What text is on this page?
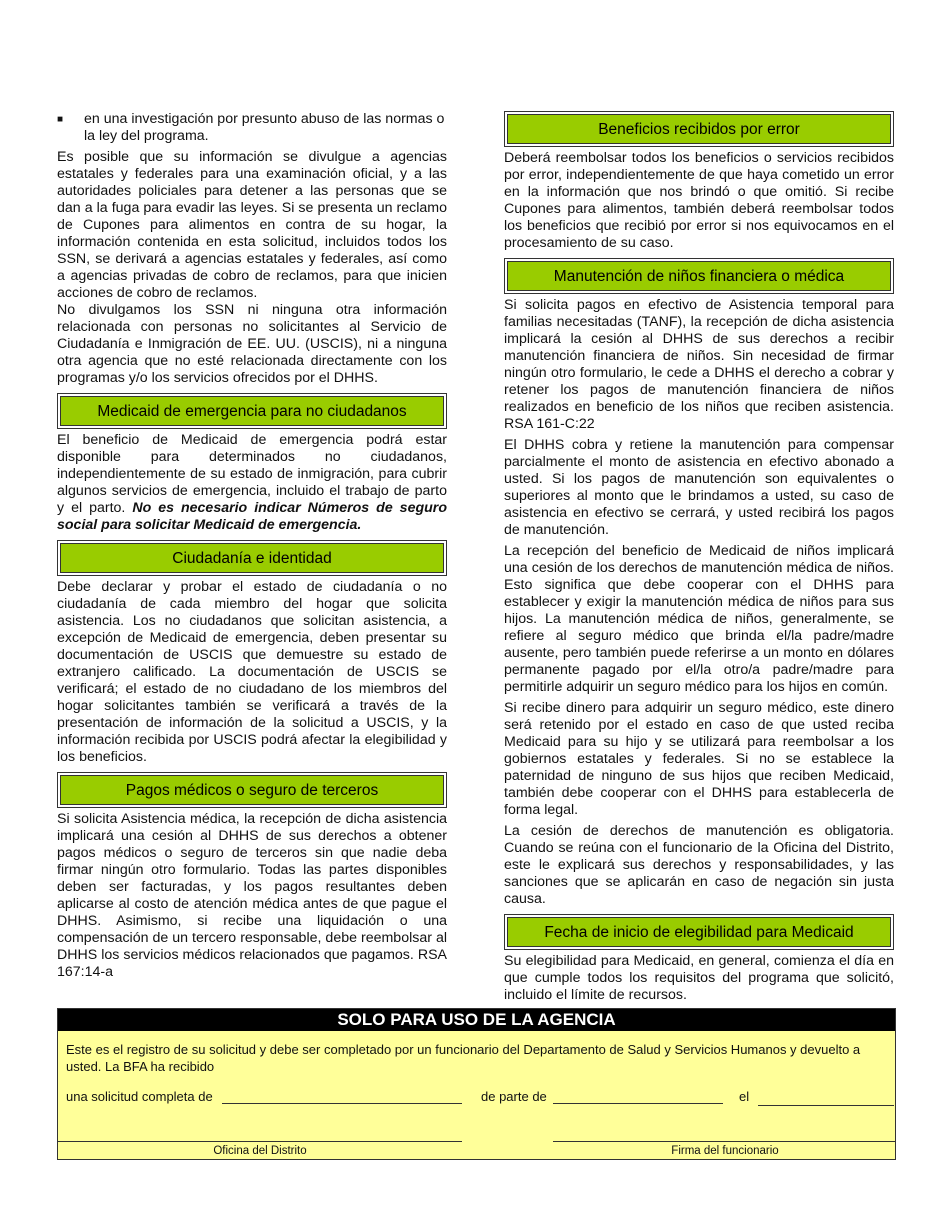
■	en una investigación por presunto abuso de las normas o la ley del programa.

Es posible que su información se divulgue a agencias estatales y federales para una examinación oficial, y a las autoridades policiales para detener a las personas que se dan a la fuga para evadir las leyes. Si se presenta un reclamo de Cupones para alimentos en contra de su hogar, la información contenida en esta solicitud, incluidos todos los SSN, se derivará a agencias estatales y federales, así como a agencias privadas de cobro de reclamos, para que inicien acciones de cobro de reclamos.

No divulgamos los SSN ni ninguna otra información relacionada con personas no solicitantes al Servicio de Ciudadanía e Inmigración de EE. UU. (USCIS), ni a ninguna otra agencia que no esté relacionada directamente con los programas y/o los servicios ofrecidos por el DHHS.

Medicaid de emergencia para no ciudadanos

El beneficio de Medicaid de emergencia podrá estar disponible para determinados no ciudadanos, independientemente de su estado de inmigración, para cubrir algunos servicios de emergencia, incluido el trabajo de parto y el parto. No es necesario indicar Números de seguro social para solicitar Medicaid de emergencia.

Ciudadanía e identidad

Debe declarar y probar el estado de ciudadanía o no ciudadanía de cada miembro del hogar que solicita asistencia. Los no ciudadanos que solicitan asistencia, a excepción de Medicaid de emergencia, deben presentar su documentación de USCIS que demuestre su estado de extranjero calificado. La documentación de USCIS se verificará; el estado de no ciudadano de los miembros del hogar solicitantes también se verificará a través de la presentación de información de la solicitud a USCIS, y la información recibida por USCIS podrá afectar la elegibilidad y los beneficios.

Pagos médicos o seguro de terceros

Si solicita Asistencia médica, la recepción de dicha asistencia implicará una cesión al DHHS de sus derechos a obtener pagos médicos o seguro de terceros sin que nadie deba firmar ningún otro formulario. Todas las partes disponibles deben ser facturadas, y los pagos resultantes deben aplicarse al costo de atención médica antes de que pague el DHHS. Asimismo, si recibe una liquidación o una compensación de un tercero responsable, debe reembolsar al DHHS los servicios médicos relacionados que pagamos. RSA 167:14-a

Beneficios recibidos por error

Deberá reembolsar todos los beneficios o servicios recibidos por error, independientemente de que haya cometido un error en la información que nos brindó o que omitió. Si recibe Cupones para alimentos, también deberá reembolsar todos los beneficios que recibió por error si nos equivocamos en el procesamiento de su caso.

Manutención de niños financiera o médica

Si solicita pagos en efectivo de Asistencia temporal para familias necesitadas (TANF), la recepción de dicha asistencia implicará la cesión al DHHS de sus derechos a recibir manutención financiera de niños. Sin necesidad de firmar ningún otro formulario, le cede a DHHS el derecho a cobrar y retener los pagos de manutención financiera de niños realizados en beneficio de los niños que reciben asistencia. RSA 161-C:22

El DHHS cobra y retiene la manutención para compensar parcialmente el monto de asistencia en efectivo abonado a usted. Si los pagos de manutención son equivalentes o superiores al monto que le brindamos a usted, su caso de asistencia en efectivo se cerrará, y usted recibirá los pagos de manutención.

La recepción del beneficio de Medicaid de niños implicará una cesión de los derechos de manutención médica de niños. Esto significa que debe cooperar con el DHHS para establecer y exigir la manutención médica de niños para sus hijos. La manutención médica de niños, generalmente, se refiere al seguro médico que brinda el/la padre/madre ausente, pero también puede referirse a un monto en dólares permanente pagado por el/la otro/a padre/madre para permitirle adquirir un seguro médico para los hijos en común.

Si recibe dinero para adquirir un seguro médico, este dinero será retenido por el estado en caso de que usted reciba Medicaid para su hijo y se utilizará para reembolsar a los gobiernos estatales y federales. Si no se establece la paternidad de ninguno de sus hijos que reciben Medicaid, también debe cooperar con el DHHS para establecerla de forma legal.

La cesión de derechos de manutención es obligatoria. Cuando se reúna con el funcionario de la Oficina del Distrito, este le explicará sus derechos y responsabilidades, y las sanciones que se aplicarán en caso de negación sin justa causa.

Fecha de inicio de elegibilidad para Medicaid

Su elegibilidad para Medicaid, en general, comienza el día en que cumple todos los requisitos del programa que solicitó, incluido el límite de recursos.

SOLO PARA USO DE LA AGENCIA
Este es el registro de su solicitud y debe ser completado por un funcionario del Departamento de Salud y Servicios Humanos y devuelto a usted. La BFA ha recibido
una solicitud completa de	de parte de	el
Oficina del Distrito	Firma del funcionario
